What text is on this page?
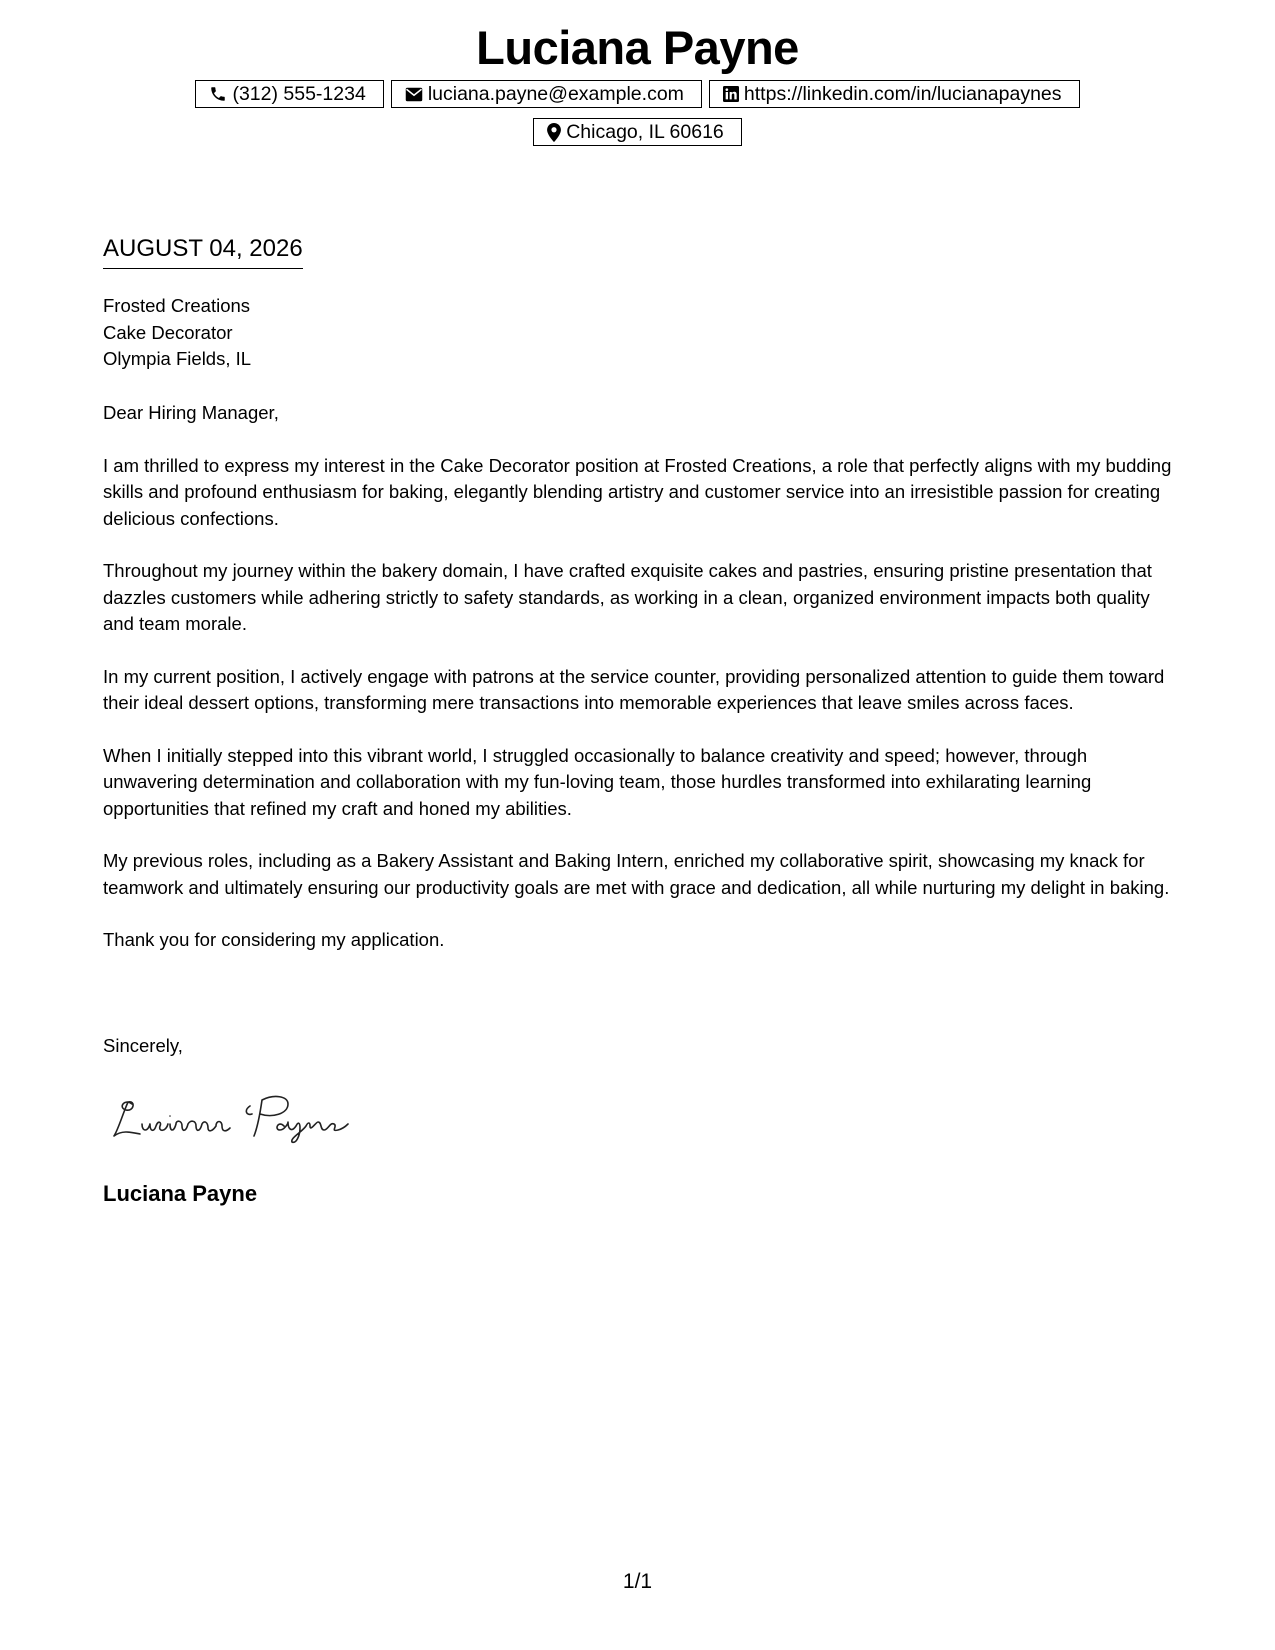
Luciana Payne
(312) 555-1234	luciana.payne@example.com	https://linkedin.com/in/lucianapaynes
Chicago, IL 60616
AUGUST 04, 2026
Frosted Creations
Cake Decorator
Olympia Fields, IL

Dear Hiring Manager,

I am thrilled to express my interest in the Cake Decorator position at Frosted Creations, a role that perfectly aligns with my budding skills and profound enthusiasm for baking, elegantly blending artistry and customer service into an irresistible passion for creating delicious confections.

Throughout my journey within the bakery domain, I have crafted exquisite cakes and pastries, ensuring pristine presentation that dazzles customers while adhering strictly to safety standards, as working in a clean, organized environment impacts both quality and team morale.

In my current position, I actively engage with patrons at the service counter, providing personalized attention to guide them toward their ideal dessert options, transforming mere transactions into memorable experiences that leave smiles across faces.

When I initially stepped into this vibrant world, I struggled occasionally to balance creativity and speed; however, through unwavering determination and collaboration with my fun-loving team, those hurdles transformed into exhilarating learning opportunities that refined my craft and honed my abilities.

My previous roles, including as a Bakery Assistant and Baking Intern, enriched my collaborative spirit, showcasing my knack for teamwork and ultimately ensuring our productivity goals are met with grace and dedication, all while nurturing my delight in baking.

Thank you for considering my application.

Sincerely,
Luciana Payne
1/1
